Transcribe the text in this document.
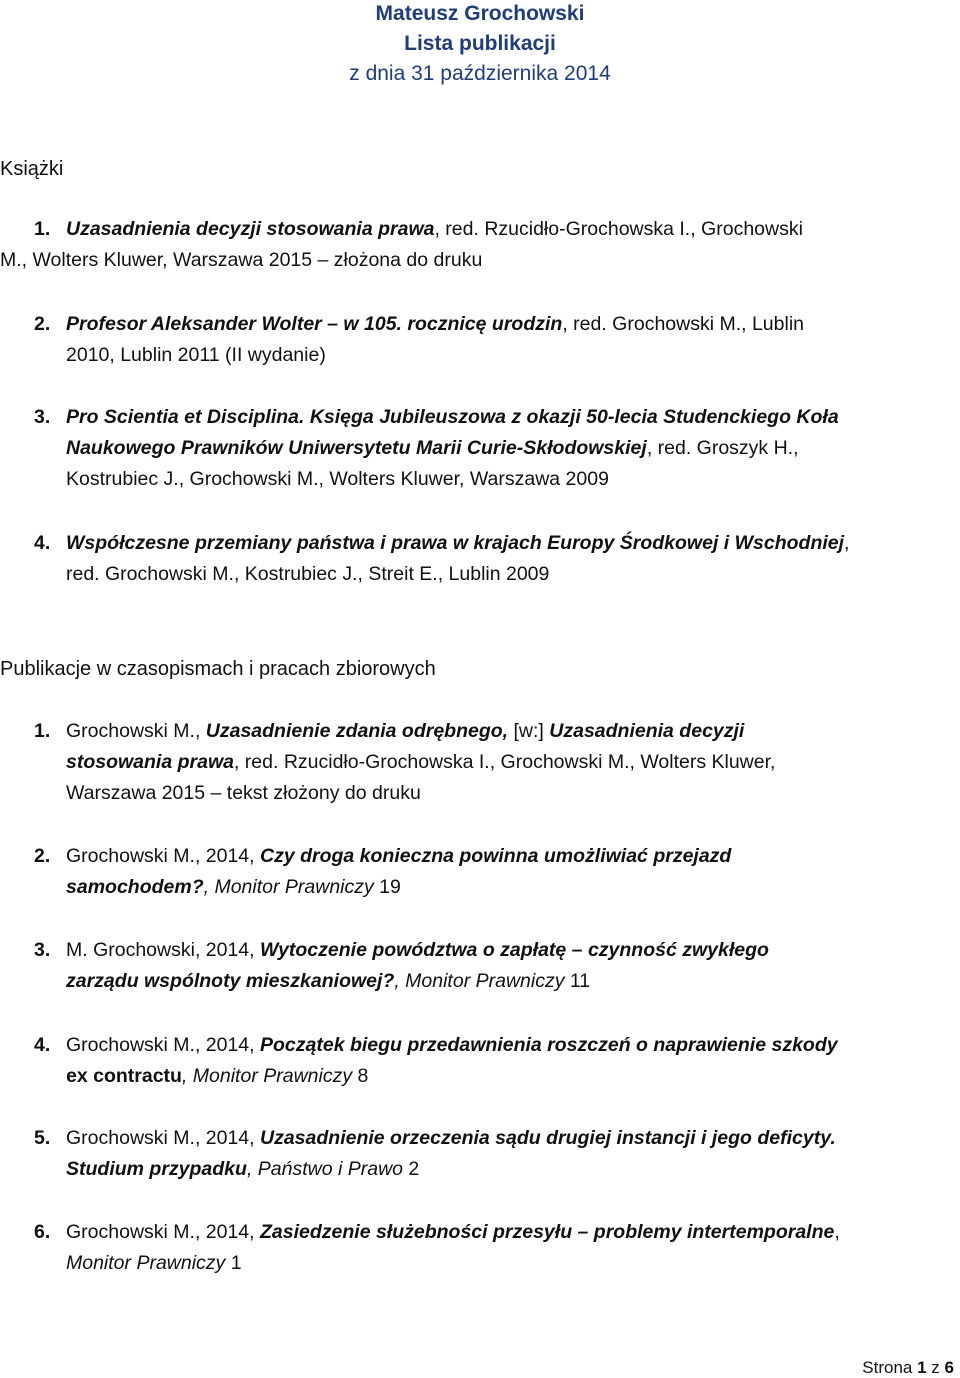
Mateusz Grochowski
Lista publikacji
z dnia 31 października 2014
Książki
1. Uzasadnienia decyzji stosowania prawa, red. Rzucidło-Grochowska I., Grochowski
M., Wolters Kluwer, Warszawa 2015 – złożona do druku
2. Profesor Aleksander Wolter – w 105. rocznicę urodzin, red. Grochowski M., Lublin
2010, Lublin 2011 (II wydanie)
3. Pro Scientia et Disciplina. Księga Jubileuszowa z okazji 50-lecia Studenckiego Koła
Naukowego Prawników Uniwersytetu Marii Curie-Skłodowskiej, red. Groszyk H.,
Kostrubiec J., Grochowski M., Wolters Kluwer, Warszawa 2009
4. Współczesne przemiany państwa i prawa w krajach Europy Środkowej i Wschodniej,
red. Grochowski M., Kostrubiec J., Streit E., Lublin 2009
Publikacje w czasopismach i pracach zbiorowych
1. Grochowski M., Uzasadnienie zdania odrębnego, [w:] Uzasadnienia decyzji
stosowania prawa, red. Rzucidło-Grochowska I., Grochowski M., Wolters Kluwer,
Warszawa 2015 – tekst złożony do druku
2. Grochowski M., 2014, Czy droga konieczna powinna umożliwiać przejazd
samochodem?, Monitor Prawniczy 19
3. M. Grochowski, 2014, Wytoczenie powództwa o zapłatę – czynność zwykłego
zarządu wspólnoty mieszkaniowej?, Monitor Prawniczy 11
4. Grochowski M., 2014, Początek biegu przedawnienia roszczeń o naprawienie szkody
ex contractu, Monitor Prawniczy 8
5. Grochowski M., 2014, Uzasadnienie orzeczenia sądu drugiej instancji i jego deficyty.
Studium przypadku, Państwo i Prawo 2
6. Grochowski M., 2014, Zasiedzenie służebności przesyłu – problemy intertemporalne,
Monitor Prawniczy 1
Strona 1 z 6
